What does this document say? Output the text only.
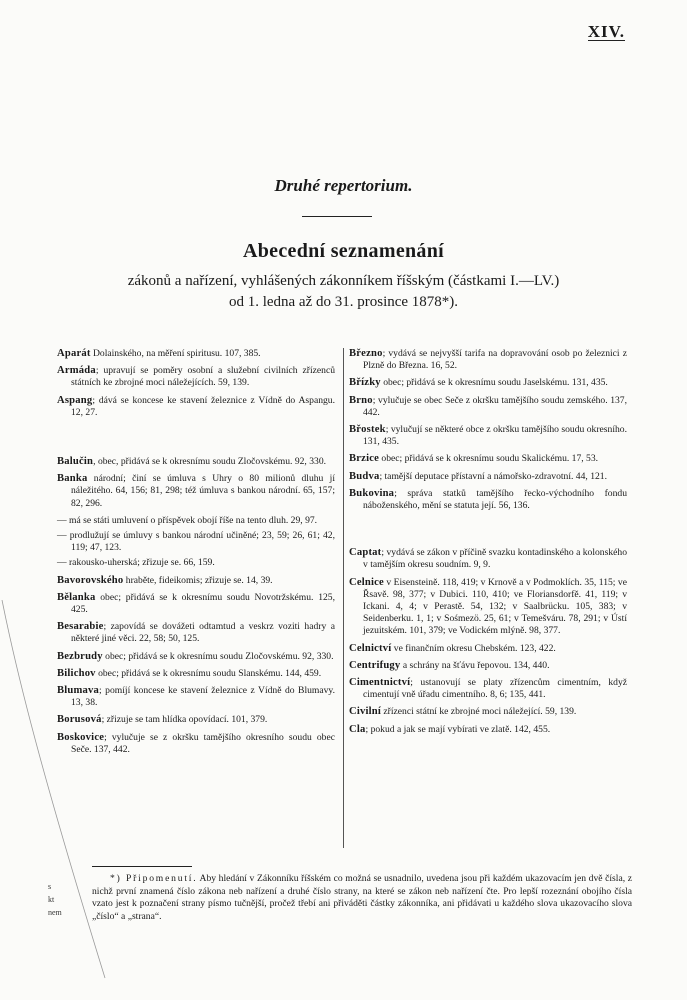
XIV.
Druhé repertorium.
Abecední seznamenání
zákonů a nařízení, vyhlášených zákonníkem říšským (částkami I.—LV.)
od 1. ledna až do 31. prosince 1878*).

Aparát Dolainského, na měření spiritusu. 107, 385.

Armáda; upravují se poměry osobní a služební civilních zřízenců státních ke zbrojné moci náležejících. 59, 139.

Aspang; dává se koncese ke stavení železnice z Vídně do Aspangu. 12, 27.

Balučin, obec, přidává se k okresnímu soudu Zločovskému. 92, 330.

Banka národní; činí se úmluva s Uhry o 80 milionů dluhu jí náležitého. 64, 156; 81, 298; též úmluva s bankou národní. 65, 157; 82, 296.

— má se státi umluvení o příspěvek obojí říše na tento dluh. 29, 97.

— prodlužují se úmluvy s bankou národní učiněné; 23, 59; 26, 61; 42, 119; 47, 123.

— rakousko-uherská; zřizuje se. 66, 159.

Bavorovského hraběte, fideikomis; zřizuje se. 14, 39.

Bělanka obec; přidává se k okresnímu soudu Novotržskému. 125, 425.

Besarabie; zapovídá se dovážeti odtamtud a veskrz voziti hadry a některé jiné věci. 22, 58; 50, 125.

Bezbrudy obec; přidává se k okresnímu soudu Zločovskému. 92, 330.

Bilichov obec; přidává se k okresnímu soudu Slanskému. 144, 459.

Blumava; pomíjí koncese ke stavení železnice z Vídně do Blumavy. 13, 38.

Borusová; zřizuje se tam hlídka opovídací. 101, 379.

Boskovice; vylučuje se z okršku tamějšího okresního soudu obec Seče. 137, 442.

Březno; vydává se nejvyšší tarifa na dopravování osob po železnici z Plzně do Března. 16, 52.

Břízky obec; přidává se k okresnímu soudu Jaselskému. 131, 435.

Brno; vylučuje se obec Seče z okršku tamějšího soudu zemského. 137, 442.

Břostek; vylučují se některé obce z okršku tamějšího soudu okresního. 131, 435.

Brzice obec; přidává se k okresnímu soudu Skalickému. 17, 53.

Budva; tamější deputace přístavní a námořsko-zdravotní. 44, 121.

Bukovina; správa statků tamějšího řecko-východního fondu náboženského, mění se statuta její. 56, 136.

Captat; vydává se zákon v příčině svazku kontadinského a kolonského v tamějším okresu soudním. 9, 9.

Celnice v Eisensteině. 118, 419; v Krnově a v Podmoklích. 35, 115; ve Řsavě. 98, 377; v Dubici. 110, 410; ve Floriansdorfě. 41, 119; v Ickani. 4, 4; v Perastě. 54, 132; v Saalbrücku. 105, 383; v Seidenberku. 1, 1; v Sośmezö. 25, 61; v Temešváru. 78, 291; v Ústí jezuitském. 101, 379; ve Vodickém mlýně. 98, 377.

Celnictví ve finančním okresu Chebském. 123, 422.

Centrifugy a schrány na šťávu řepovou. 134, 440.

Cimentnictví; ustanovují se platy zřízencům cimentním, když cimentují vně úřadu cimentního. 8, 6; 135, 441.

Civilní zřízenci státní ke zbrojné moci náležející. 59, 139.

Cla; pokud a jak se mají vybírati ve zlatě. 142, 455.

s
kt
nem
*) Připomenutí. Aby hledání v Zákonníku říšském co možná se usnadnilo, uvedena jsou při každém ukazovacím jen dvě čísla, z nichž první znamená číslo zákona neb nařízení a druhé číslo strany, na které se zákon neb nařízení čte. Pro lepší rozeznání obojího čísla vzato jest k poznačení strany písmo tučnější, pročež třebí ani přiváděti částky zákonníka, ani přidávati u každého slova ukazovacího slova „číslo“ a „strana“.
